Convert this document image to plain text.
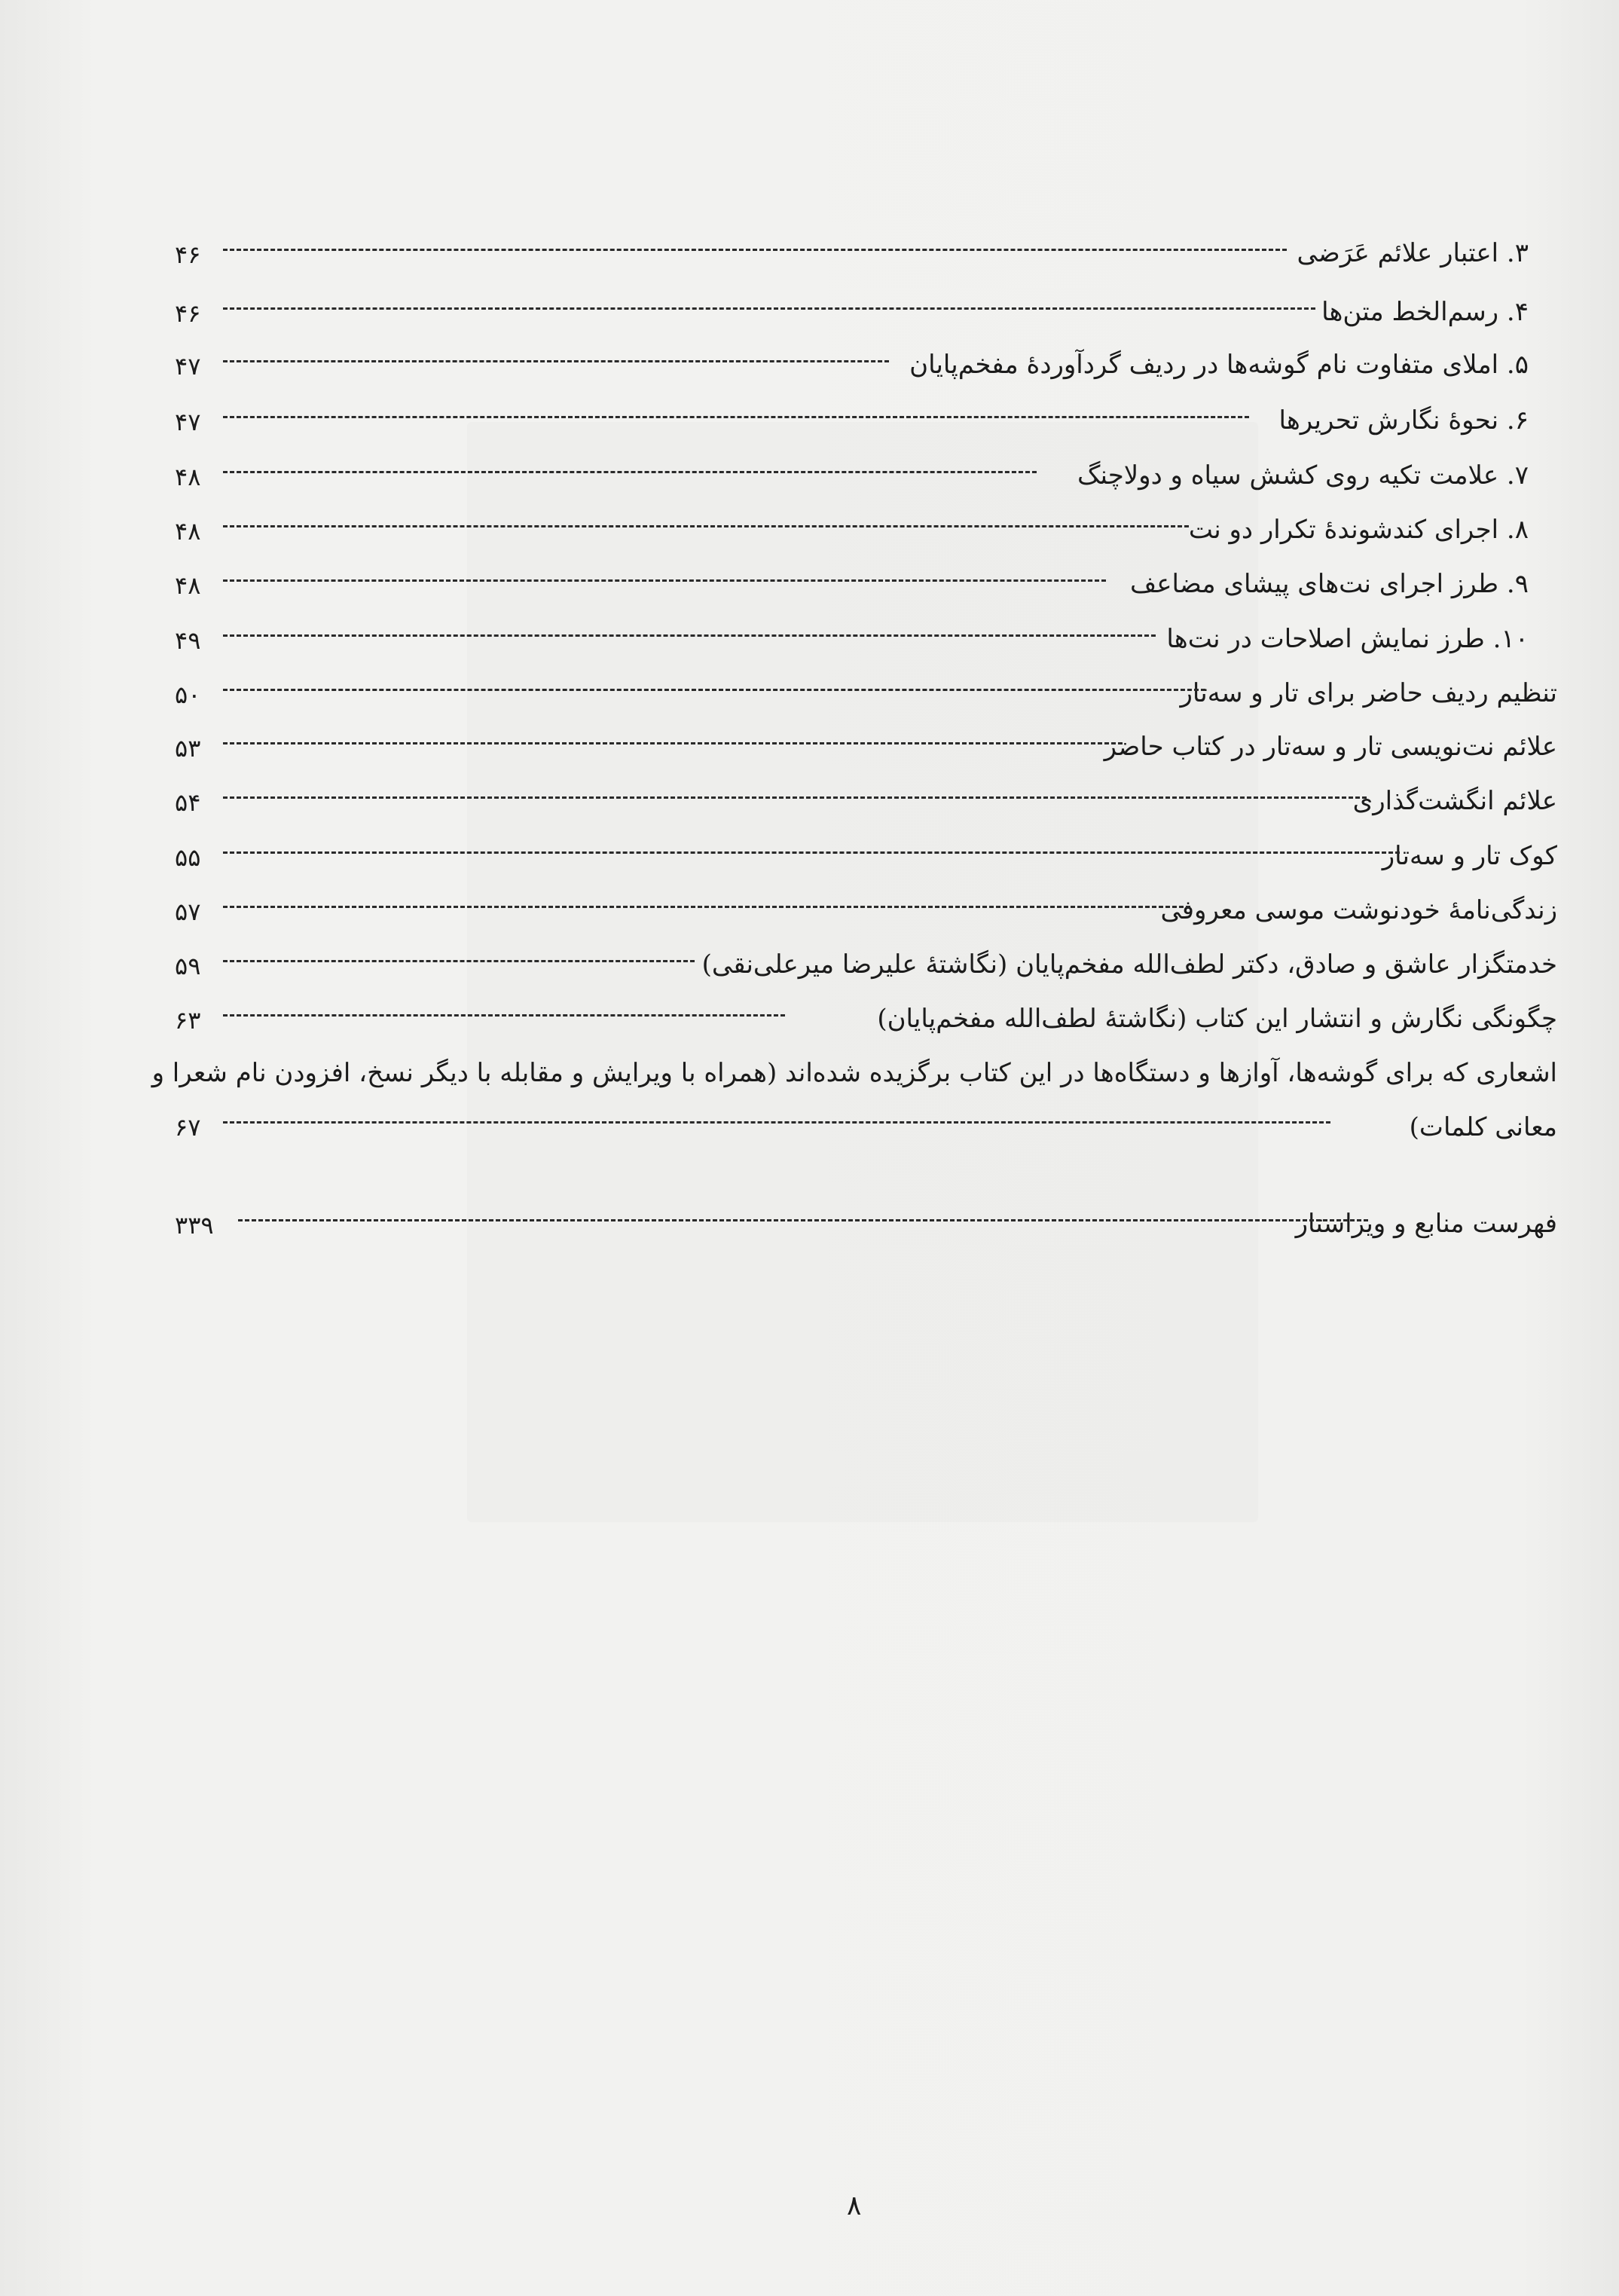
۳. اعتبار علائم عَرَضی
۴۶
۴. رسم‌الخط متن‌ها
۴۶
۵. املای متفاوت نام گوشه‌ها در ردیف گردآوردهٔ مفخم‌پایان
۴۷
۶. نحوهٔ نگارش تحریرها
۴۷
۷. علامت تکیه روی کشش سیاه و دولاچنگ
۴۸
۸. اجرای کندشوندهٔ تکرار دو نت
۴۸
۹. طرز اجرای نت‌های پیشای مضاعف
۴۸
۱۰. طرز نمایش اصلاحات در نت‌ها
۴۹
تنظیم ردیف حاضر برای تار و سه‌تار
۵۰
علائم نت‌نویسی تار و سه‌تار در کتاب حاضر
۵۳
علائم انگشت‌گذاری
۵۴
کوک تار و سه‌تار
۵۵
زندگی‌نامهٔ خودنوشت موسی معروفی
۵۷
خدمتگزار عاشق و صادق، دکتر لطف‌الله مفخم‌پایان (نگاشتهٔ علیرضا میرعلی‌نقی)
۵۹
چگونگی نگارش و انتشار این کتاب (نگاشتهٔ لطف‌الله مفخم‌پایان)
۶۳
اشعاری که برای گوشه‌ها، آوازها و دستگاه‌ها در این کتاب برگزیده شده‌اند (همراه با ویرایش و مقابله با دیگر نسخ، افزودن نام شعرا و
معانی کلمات)
۶۷
فهرست منابع و ویراستار
۳۳۹
۸
